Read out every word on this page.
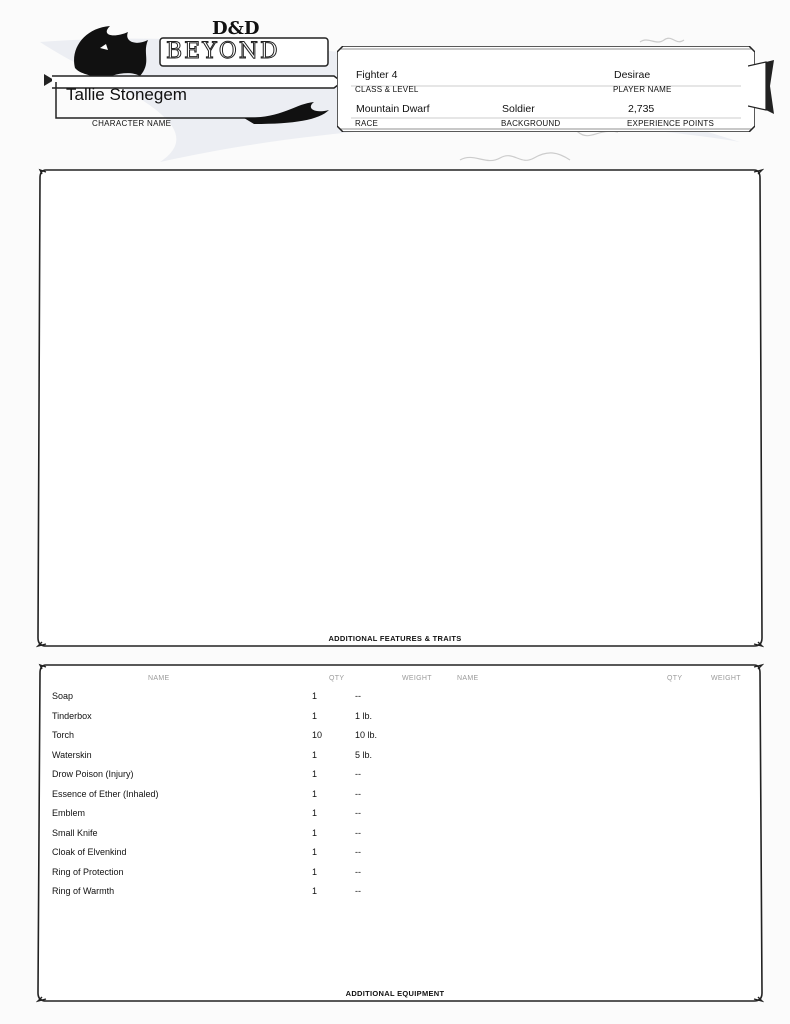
D&D
BEYOND
Tallie Stonegem
CHARACTER NAME
Fighter 4
CLASS & LEVEL
Desirae
PLAYER NAME
Mountain Dwarf
RACE
Soldier
BACKGROUND
2,735
EXPERIENCE POINTS
ADDITIONAL FEATURES & TRAITS
NAME	QTY	WEIGHT	NAME	QTY	WEIGHT
Soap	1	--
Tinderbox	1	1 lb.
Torch	10	10 lb.
Waterskin	1	5 lb.
Drow Poison (Injury)	1	--
Essence of Ether (Inhaled)	1	--
Emblem	1	--
Small Knife	1	--
Cloak of Elvenkind	1	--
Ring of Protection	1	--
Ring of Warmth	1	--
ADDITIONAL EQUIPMENT
